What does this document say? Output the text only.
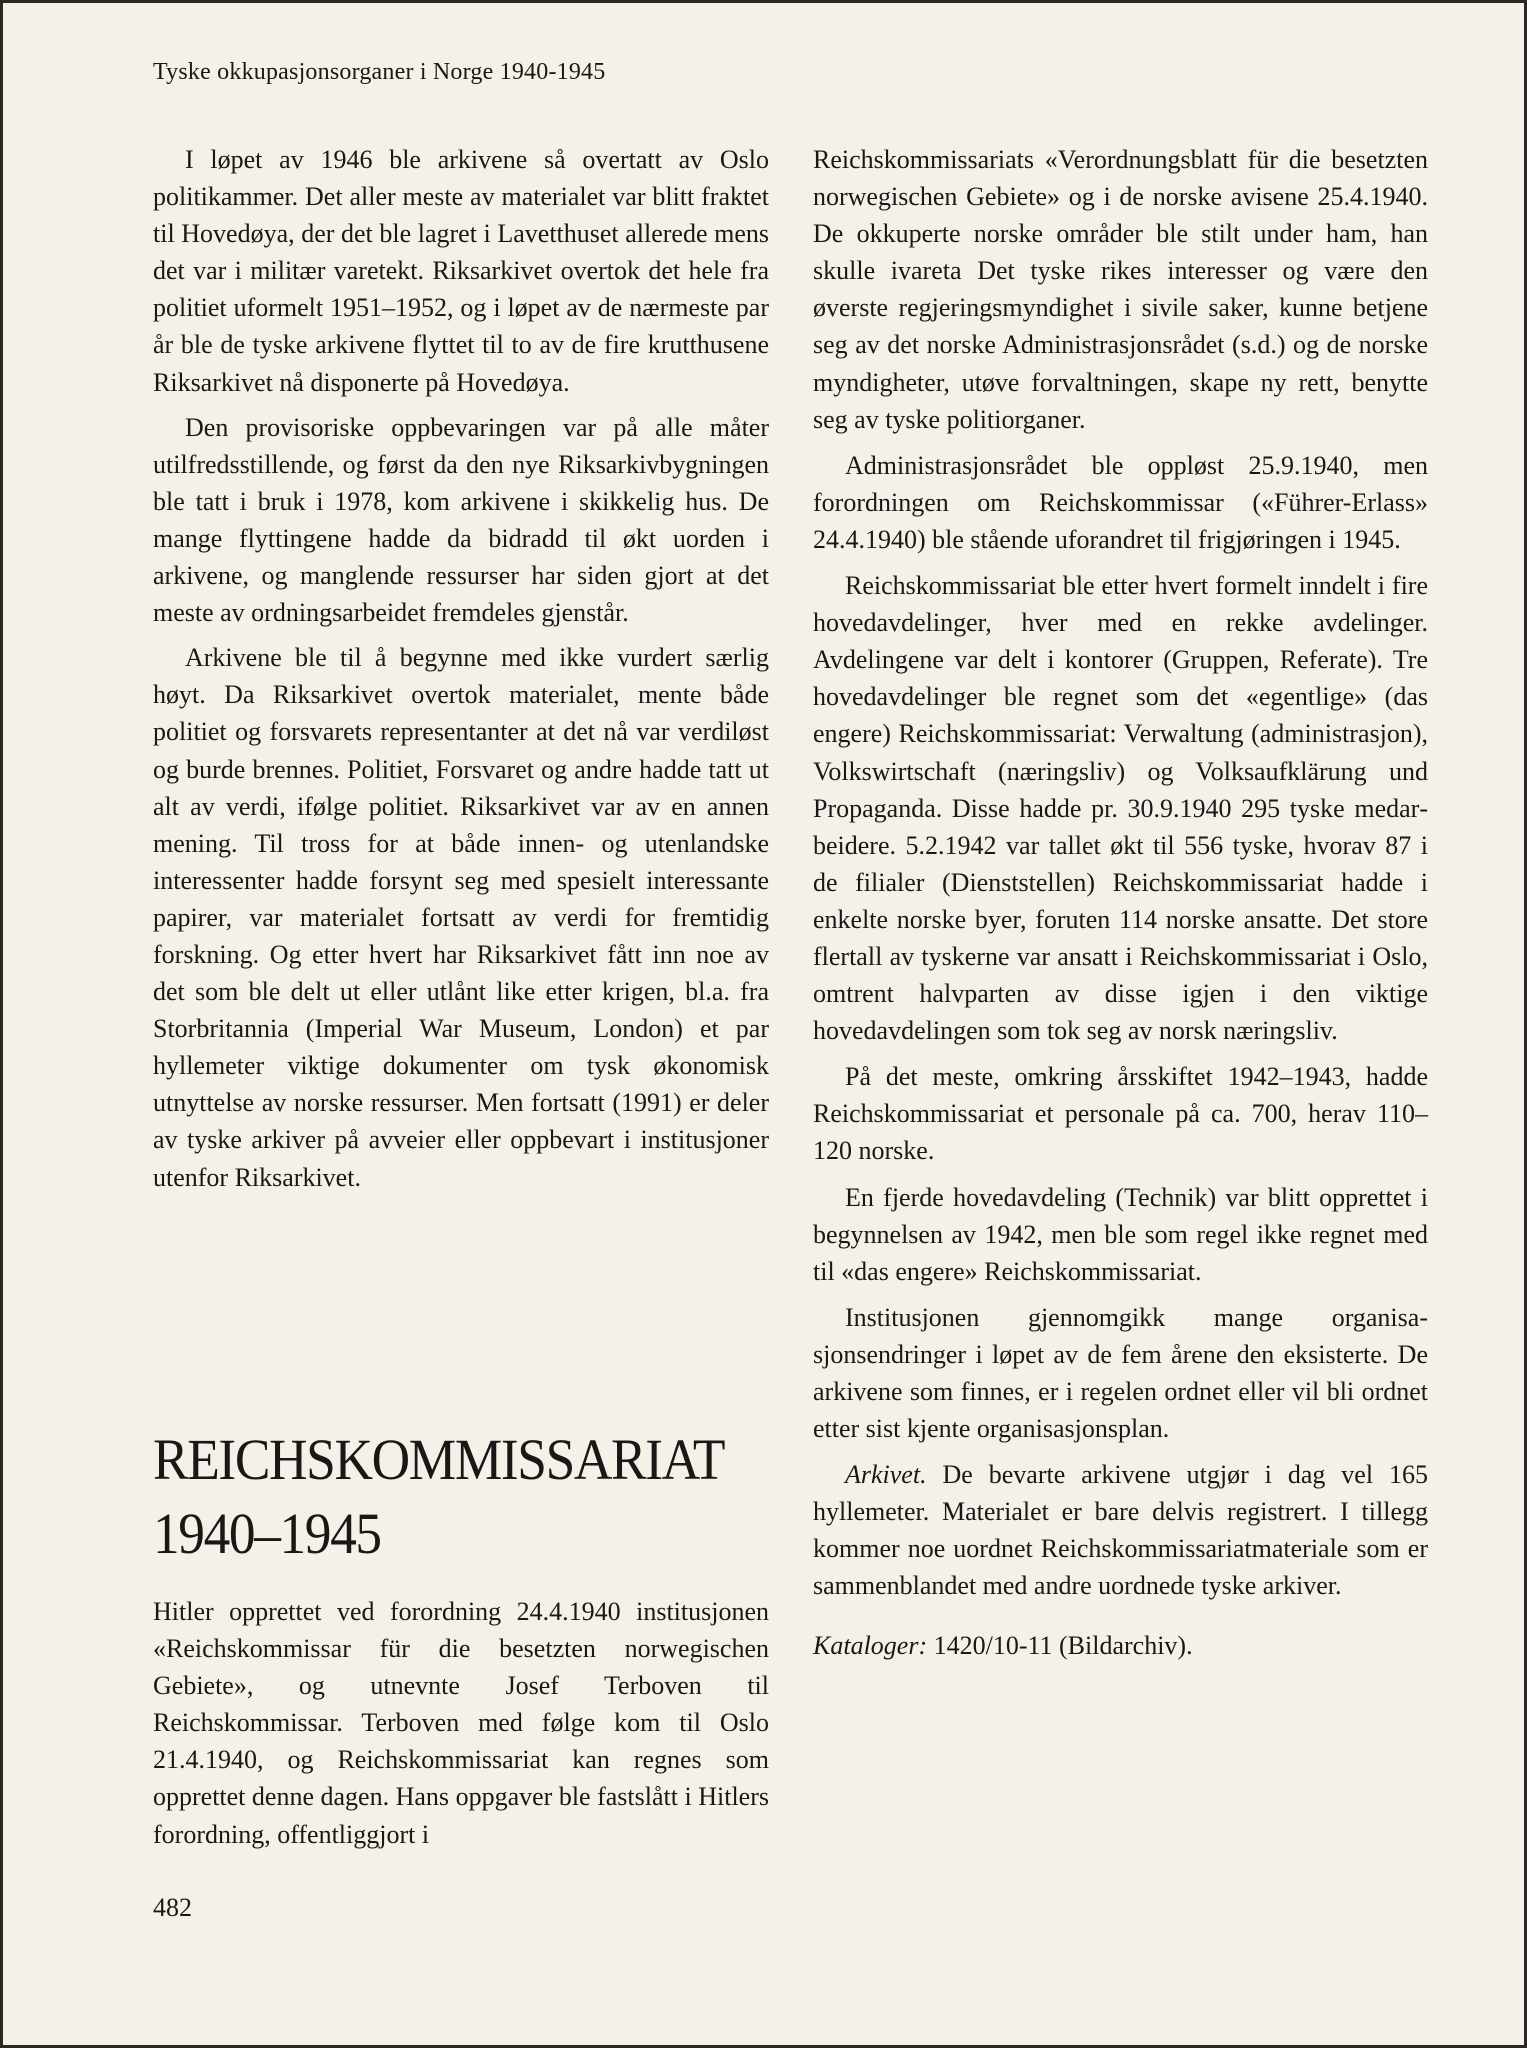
Tyske okkupasjonsorganer i Norge 1940-1945

I løpet av 1946 ble arkivene så overtatt av Oslo politikammer. Det aller meste av materialet var blitt fraktet til Hovedøya, der det ble lagret i Lavetthuset allerede mens det var i militær varetekt. Riksarkivet overtok det hele fra politiet uformelt 1951–1952, og i løpet av de nærmeste par år ble de tyske arkivene flyttet til to av de fire krutthusene Riksarkivet nå disponerte på Hovedøya.

Den provisoriske oppbevaringen var på alle måter utilfredsstillende, og først da den nye Riksarkivbygningen ble tatt i bruk i 1978, kom arkivene i skikkelig hus. De mange flyttingene hadde da bidradd til økt uorden i arkivene, og manglende ressurser har siden gjort at det meste av ordningsarbeidet fremdeles gjenstår.

Arkivene ble til å begynne med ikke vurdert særlig høyt. Da Riksarkivet overtok materialet, mente både politiet og forsvarets representanter at det nå var verdiløst og burde brennes. Politiet, Forsvaret og andre hadde tatt ut alt av verdi, ifølge politiet. Riksarkivet var av en annen mening. Til tross for at både innen- og utenlandske interessenter hadde forsynt seg med spesielt interessante papirer, var materialet fortsatt av verdi for fremtidig forskning. Og etter hvert har Riksarkivet fått inn noe av det som ble delt ut eller utlånt like etter krigen, bl.a. fra Storbritannia (Imperial War Museum, London) et par hyllemeter viktige dokumenter om tysk økonomisk utnyttelse av norske ressurser. Men fortsatt (1991) er deler av tyske arkiver på avveier eller oppbevart i institusjoner utenfor Riksarkivet.

REICHSKOMMISSARIAT
1940–1945

Hitler opprettet ved forordning 24.4.1940 institusjonen «Reichskommissar für die besetzten norwegischen Gebiete», og utnevnte Josef Terboven til Reichskommissar. Terboven med følge kom til Oslo 21.4.1940, og Reichskommissariat kan regnes som opprettet denne dagen. Hans oppgaver ble fastslått i Hitlers forordning, offentliggjort i

Reichskommissariats «Verordnungsblatt für die besetzten norwegischen Gebiete» og i de norske avisene 25.4.1940. De okkuperte norske områder ble stilt under ham, han skulle ivareta Det tyske rikes interesser og være den øverste regjeringsmyndighet i sivile saker, kunne betjene seg av det norske Administrasjonsrådet (s.d.) og de norske myndigheter, utøve forvaltningen, skape ny rett, benytte seg av tyske politiorganer.

Administrasjonsrådet ble oppløst 25.9.1940, men forordningen om Reichskommissar («Führer-Erlass» 24.4.1940) ble stående uforandret til frigjøringen i 1945.

Reichskommissariat ble etter hvert formelt inndelt i fire hovedavdelinger, hver med en rekke avdelinger. Avdelingene var delt i kontorer (Gruppen, Referate). Tre hovedavdelinger ble regnet som det «egentlige» (das engere) Reichskommissariat: Verwaltung (administrasjon), Volkswirtschaft (næringsliv) og Volksaufklärung und Propaganda. Disse hadde pr. 30.9.1940 295 tyske medarbeidere. 5.2.1942 var tallet økt til 556 tyske, hvorav 87 i de filialer (Dienststellen) Reichskommissariat hadde i enkelte norske byer, foruten 114 norske ansatte. Det store flertall av tyskerne var ansatt i Reichskommissariat i Oslo, omtrent halvparten av disse igjen i den viktige hovedavdelingen som tok seg av norsk næringsliv.

På det meste, omkring årsskiftet 1942–1943, hadde Reichskommissariat et personale på ca. 700, herav 110–120 norske.

En fjerde hovedavdeling (Technik) var blitt opprettet i begynnelsen av 1942, men ble som regel ikke regnet med til «das engere» Reichskommissariat.

Institusjonen gjennomgikk mange organisasjonsendringer i løpet av de fem årene den eksisterte. De arkivene som finnes, er i regelen ordnet eller vil bli ordnet etter sist kjente organisasjonsplan.

Arkivet. De bevarte arkivene utgjør i dag vel 165 hyllemeter. Materialet er bare delvis registrert. I tillegg kommer noe uordnet Reichskommissariatmateriale som er sammenblandet med andre uordnede tyske arkiver.

Kataloger: 1420/10-11 (Bildarchiv).

482
